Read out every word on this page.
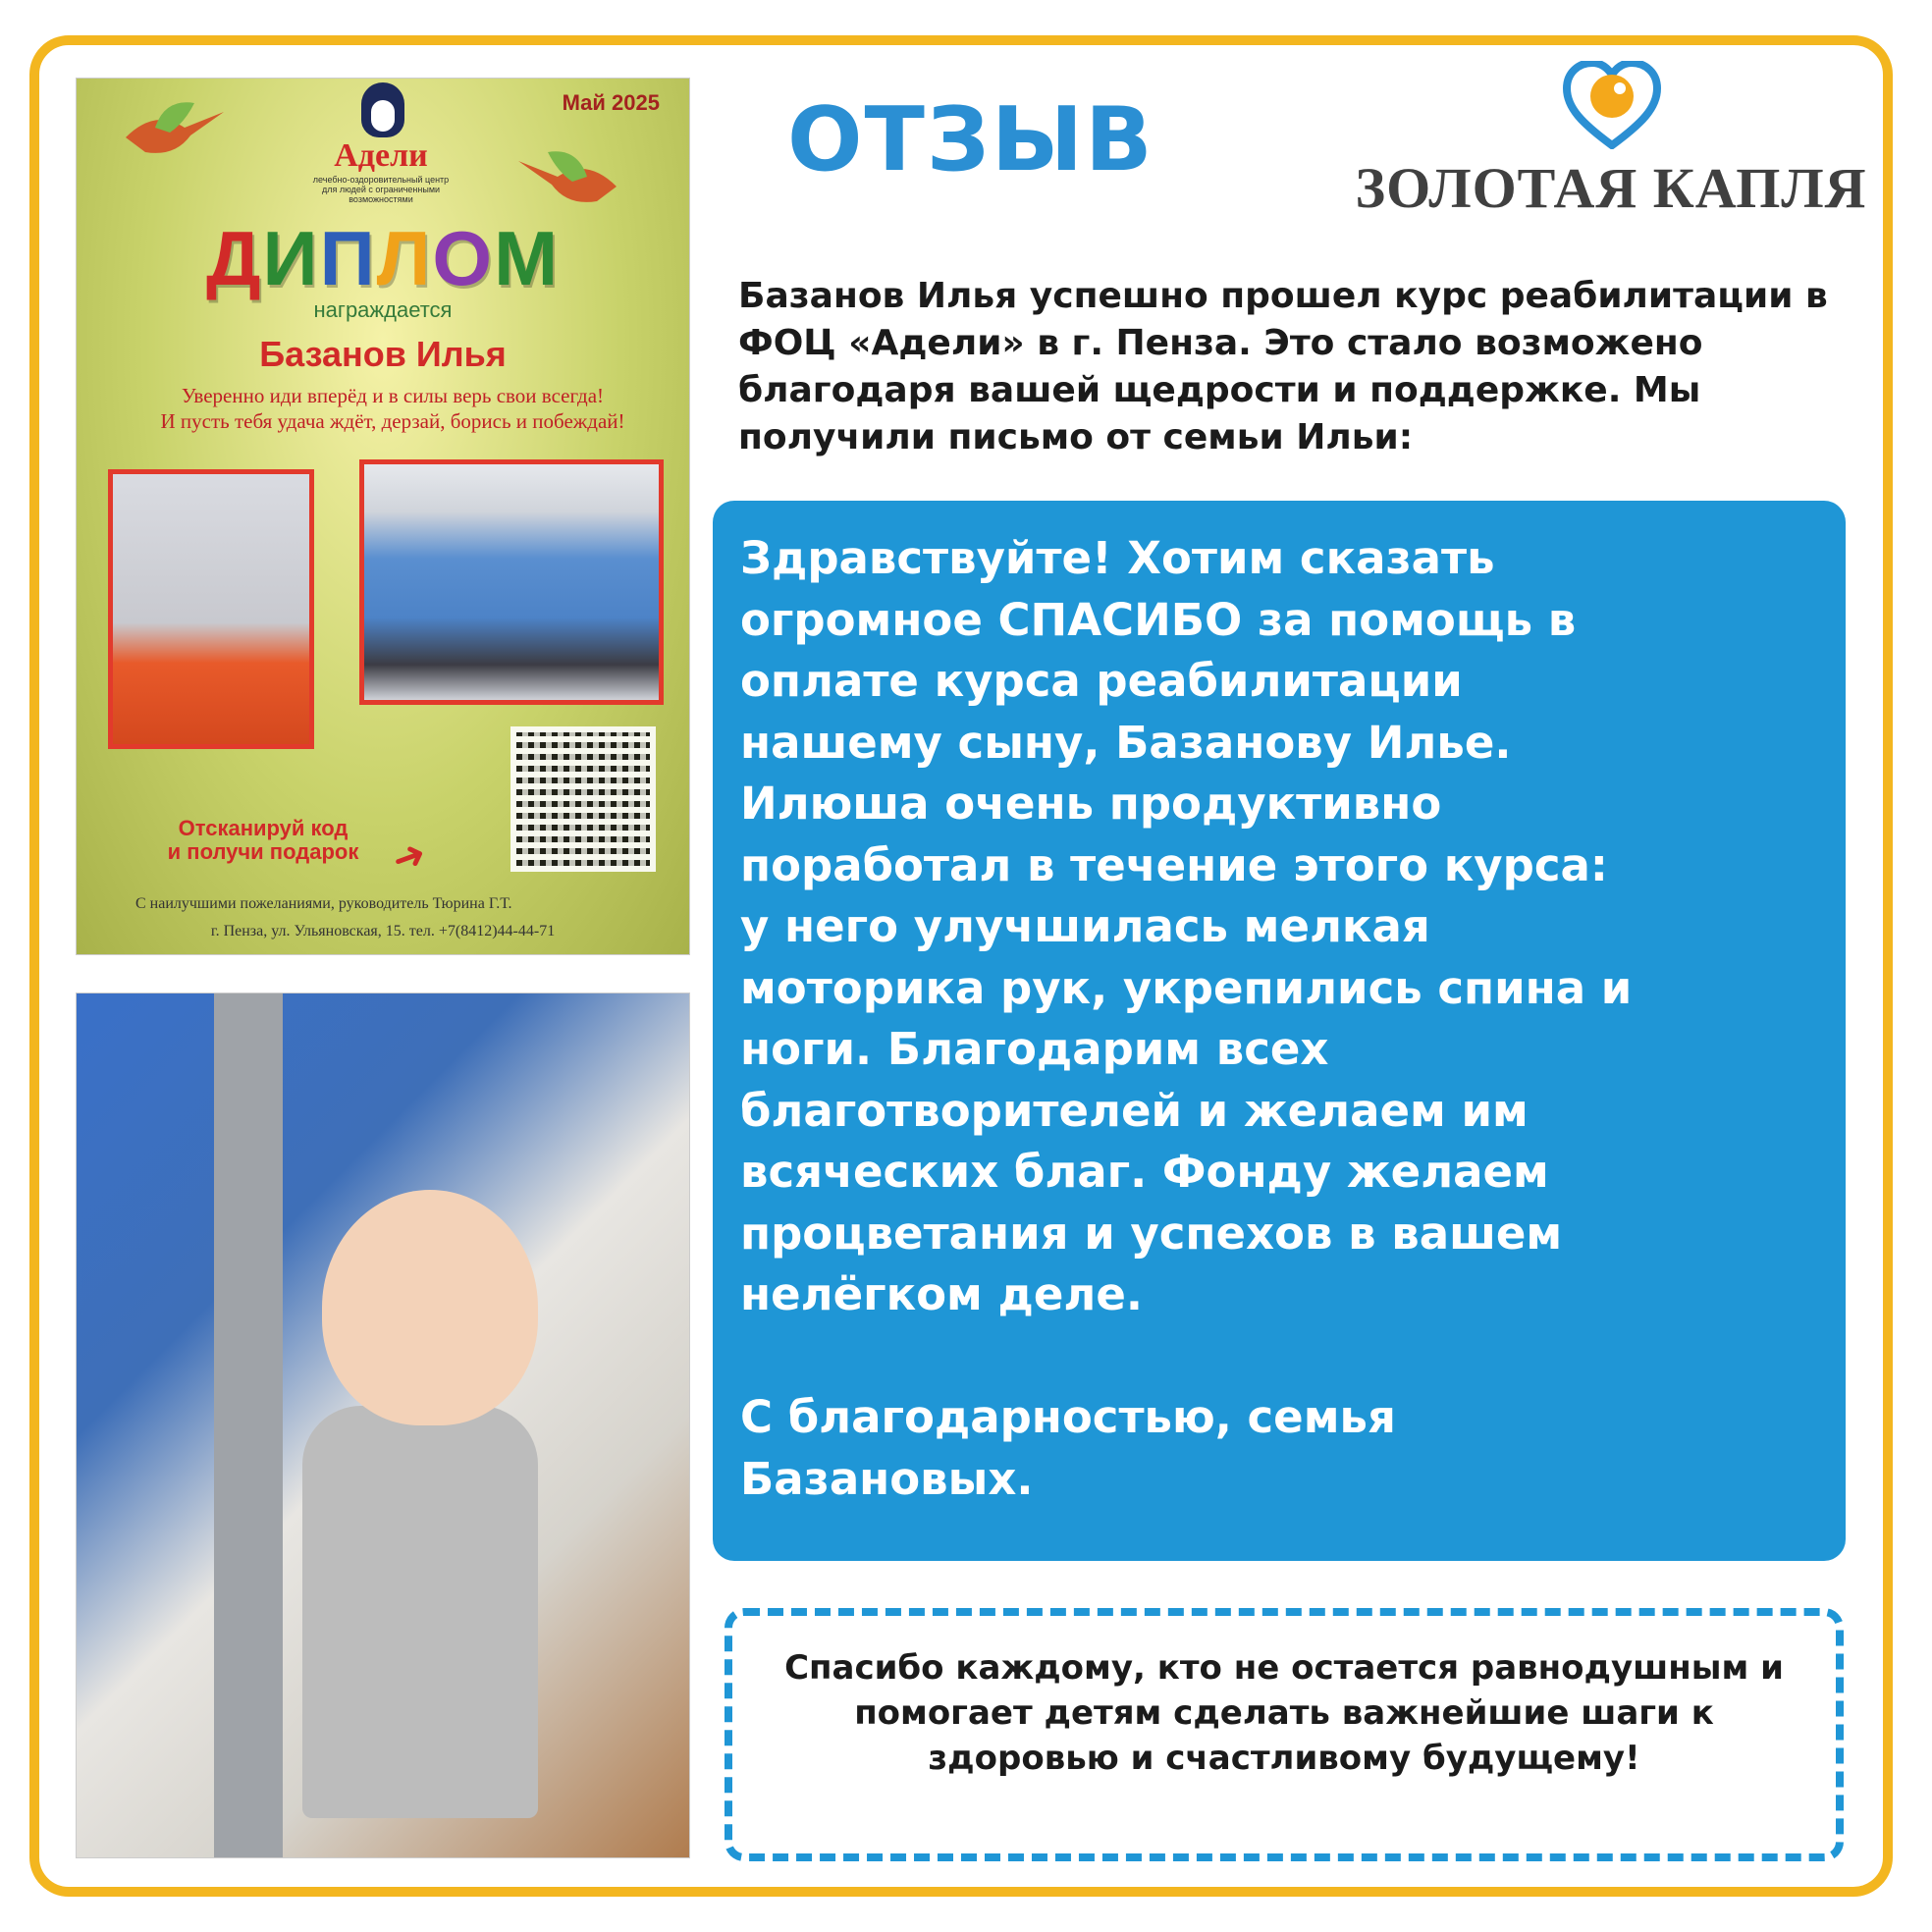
Май 2025
Адели
лечебно-оздоровительный центр для людей с ограниченными возможностями
ДИПЛОМ
награждается
Базанов Илья
Уверенно иди вперёд и в силы верь свои всегда!
И пусть тебя удача ждёт, дерзай, борись и побеждай!
Отсканируй код
и получи подарок ➜
С наилучшими пожеланиями, руководитель Тюрина Г.Т.
г. Пенза, ул. Ульяновская, 15. тел. +7(8412)44-44-71
ОТЗЫВ	ЗОЛОТАЯ КАПЛЯ
Базанов Илья успешно прошел курс реабилитации в ФОЦ «Адели» в г. Пенза. Это стало возможено благодаря вашей щедрости и поддержке. Мы получили письмо от семьи Ильи:
Здравствуйте! Хотим сказать
огромное СПАСИБО за помощь в
оплате курса реабилитации
нашему сыну, Базанову Илье.
Илюша очень продуктивно
поработал в течение этого курса:
у него улучшилась мелкая
моторика рук, укрепились спина и
ноги. Благодарим всех
благотворителей и желаем им
всяческих благ. Фонду желаем
процветания и успехов в вашем
нелёгком деле.

С благодарностью, семья
Базановых.
Спасибо каждому, кто не остается равнодушным и помогает детям сделать важнейшие шаги к здоровью и счастливому будущему!
